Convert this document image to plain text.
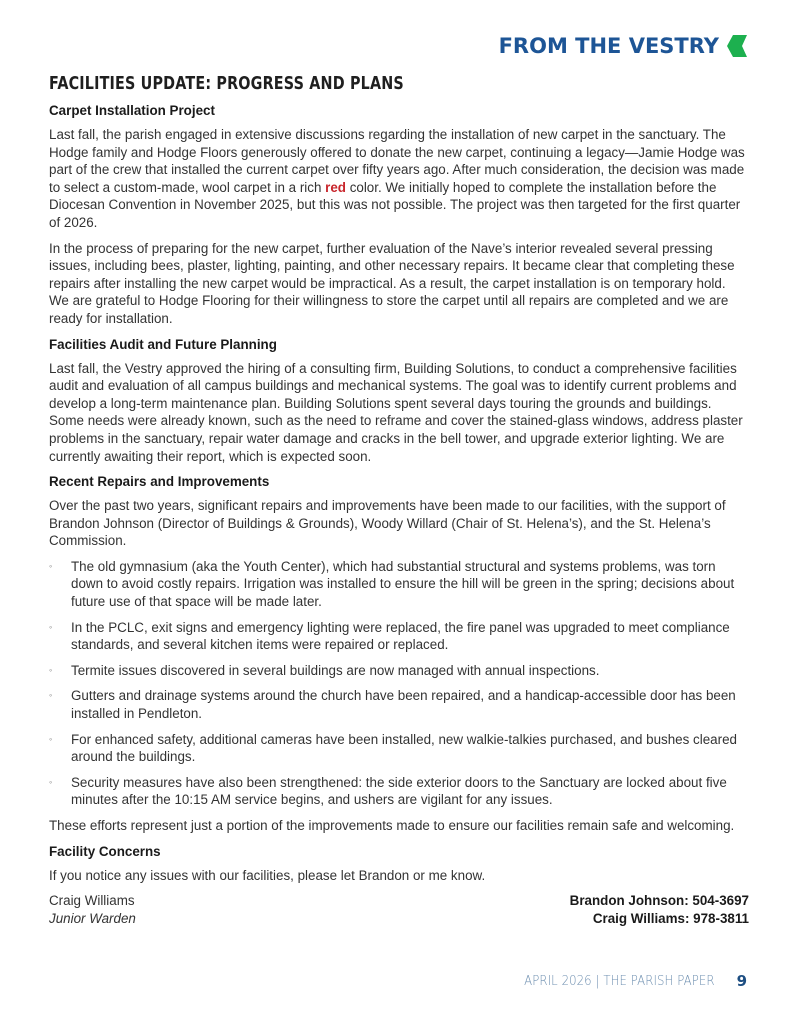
FROM THE VESTRY
FACILITIES UPDATE: PROGRESS AND PLANS
Carpet Installation Project

Last fall, the parish engaged in extensive discussions regarding the installation of new carpet in the sanctuary. The Hodge family and Hodge Floors generously offered to donate the new carpet, continuing a legacy—Jamie Hodge was part of the crew that installed the current carpet over fifty years ago. After much consideration, the decision was made to select a custom-made, wool carpet in a rich red color. We initially hoped to complete the installation before the Diocesan Convention in November 2025, but this was not possible. The project was then targeted for the first quarter of 2026.

In the process of preparing for the new carpet, further evaluation of the Nave’s interior revealed several pressing issues, including bees, plaster, lighting, painting, and other necessary repairs. It became clear that completing these repairs after installing the new carpet would be impractical. As a result, the carpet installation is on temporary hold. We are grateful to Hodge Flooring for their willingness to store the carpet until all repairs are completed and we are ready for installation.

Facilities Audit and Future Planning

Last fall, the Vestry approved the hiring of a consulting firm, Building Solutions, to conduct a comprehensive facilities audit and evaluation of all campus buildings and mechanical systems. The goal was to identify current problems and develop a long-term maintenance plan. Building Solutions spent several days touring the grounds and buildings. Some needs were already known, such as the need to reframe and cover the stained-glass windows, address plaster problems in the sanctuary, repair water damage and cracks in the bell tower, and upgrade exterior lighting. We are currently awaiting their report, which is expected soon.

Recent Repairs and Improvements

Over the past two years, significant repairs and improvements have been made to our facilities, with the support of Brandon Johnson (Director of Buildings & Grounds), Woody Willard (Chair of St. Helena’s), and the St. Helena’s Commission.

◦ The old gymnasium (aka the Youth Center), which had substantial structural and systems problems, was torn down to avoid costly repairs. Irrigation was installed to ensure the hill will be green in the spring; decisions about future use of that space will be made later.
◦ In the PCLC, exit signs and emergency lighting were replaced, the fire panel was upgraded to meet compliance standards, and several kitchen items were repaired or replaced.
◦ Termite issues discovered in several buildings are now managed with annual inspections.
◦ Gutters and drainage systems around the church have been repaired, and a handicap-accessible door has been installed in Pendleton.
◦ For enhanced safety, additional cameras have been installed, new walkie-talkies purchased, and bushes cleared around the buildings.
◦ Security measures have also been strengthened: the side exterior doors to the Sanctuary are locked about five minutes after the 10:15 AM service begins, and ushers are vigilant for any issues.

These efforts represent just a portion of the improvements made to ensure our facilities remain safe and welcoming.

Facility Concerns

If you notice any issues with our facilities, please let Brandon or me know.

Craig Williams
Junior Warden
Brandon Johnson: 504-3697
Craig Williams: 978-3811
APRIL 2026 | THE PARISH PAPER 9
